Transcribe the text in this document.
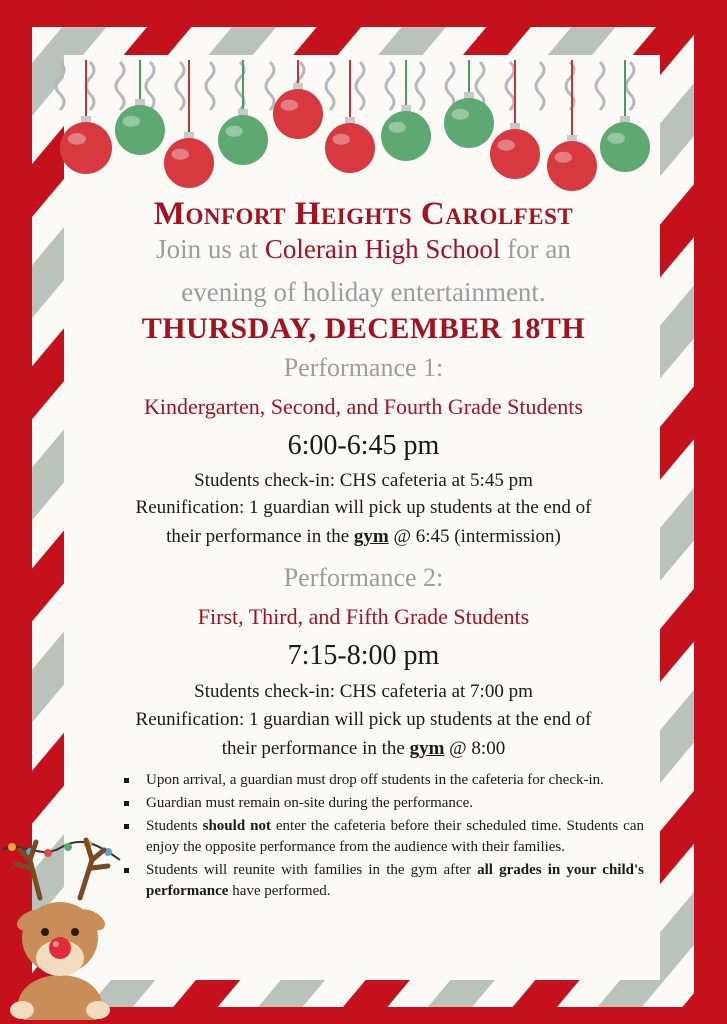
Monfort Heights Carolfest
Join us at Colerain High School for an
evening of holiday entertainment.
THURSDAY, DECEMBER 18TH
Performance 1:
Kindergarten, Second, and Fourth Grade Students
6:00-6:45 pm
Students check-in: CHS cafeteria at 5:45 pm
Reunification: 1 guardian will pick up students at the end of
their performance in the gym @ 6:45 (intermission)
Performance 2:
First, Third, and Fifth Grade Students
7:15-8:00 pm
Students check-in: CHS cafeteria at 7:00 pm
Reunification: 1 guardian will pick up students at the end of
their performance in the gym @ 8:00
Upon arrival, a guardian must drop off students in the cafeteria for check-in.
Guardian must remain on-site during the performance.
Students should not enter the cafeteria before their scheduled time. Students can enjoy the opposite performance from the audience with their families.
Students will reunite with families in the gym after all grades in your child's performance have performed.
